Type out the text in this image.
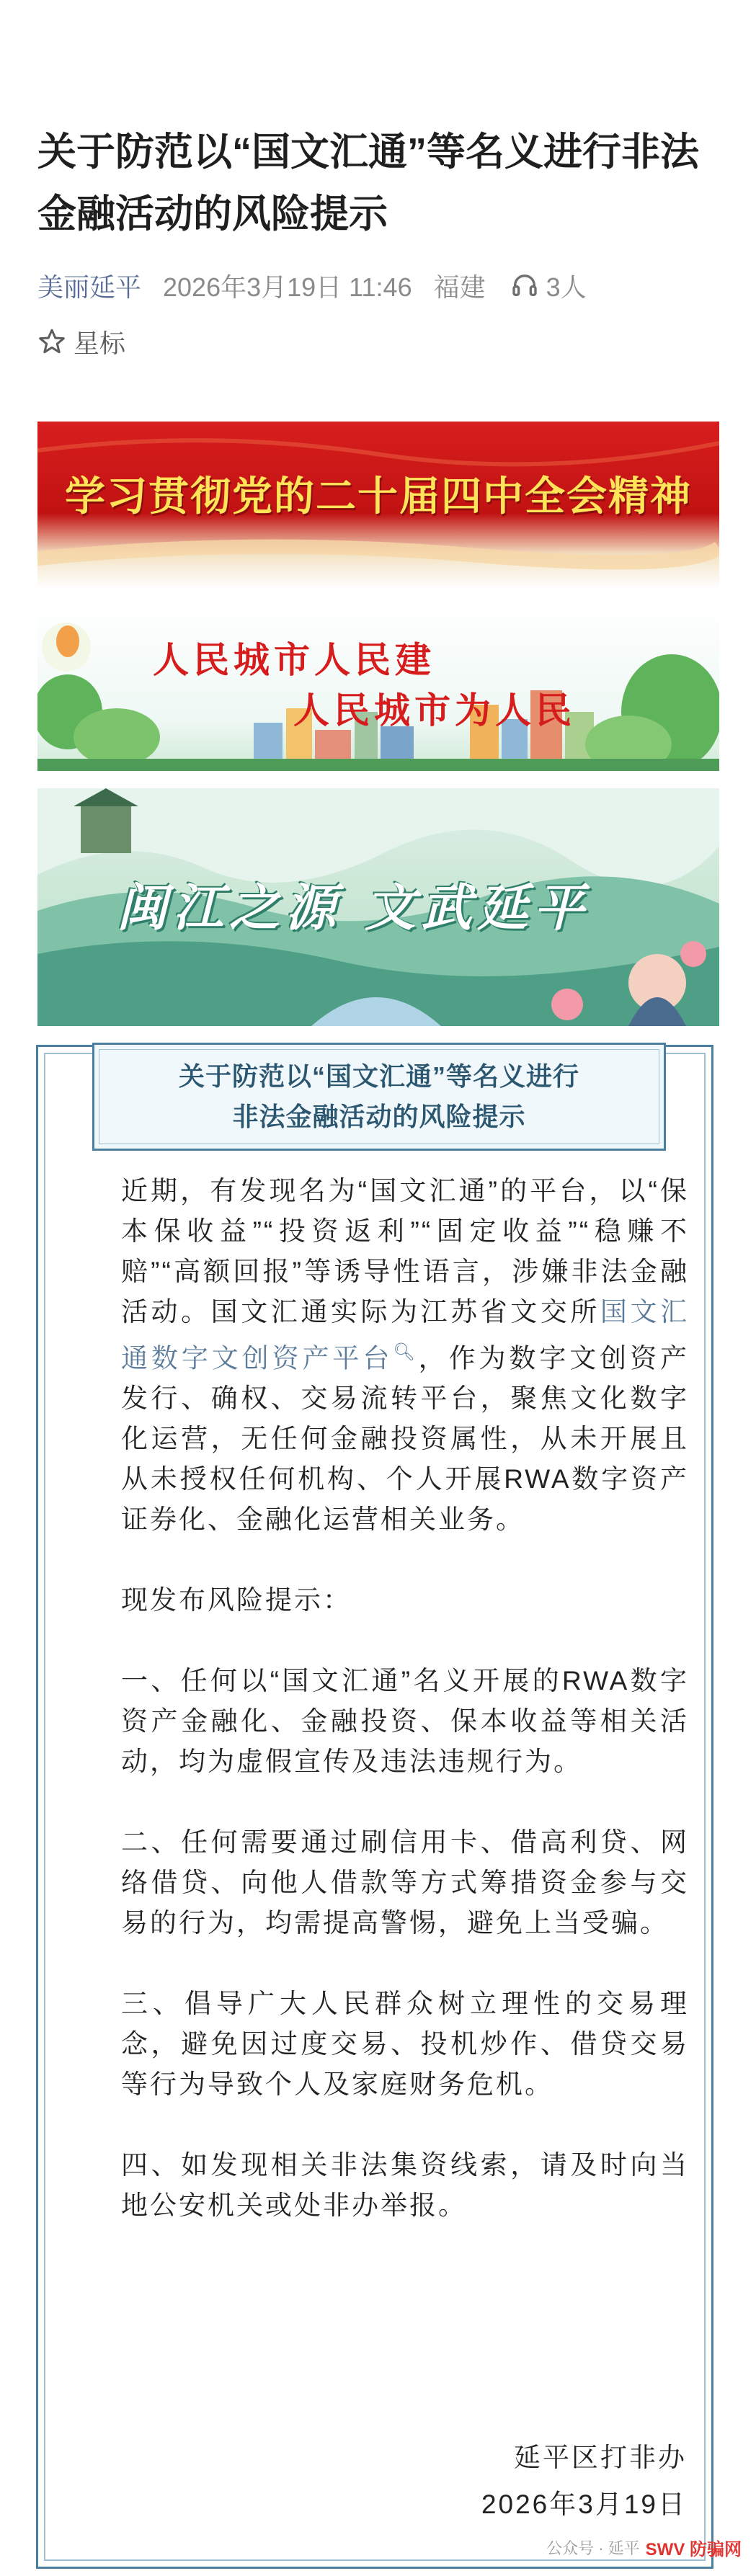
关于防范以“国文汇通”等名义进行非法金融活动的风险提示
美丽延平 2026年3月19日 11:46 福建 3人
星标
学习贯彻党的二十届四中全会精神
人民城市人民建
人民城市为人民
闽江之源 文武延平
关于防范以“国文汇通”等名义进行
非法金融活动的风险提示

近期，有发现名为“国文汇通”的平台，以“保本保收益”“投资返利”“固定收益”“稳赚不赔”“高额回报”等诱导性语言，涉嫌非法金融活动。国文汇通实际为江苏省文交所国文汇通数字文创资产平台🔍︎，作为数字文创资产发行、确权、交易流转平台，聚焦文化数字化运营，无任何金融投资属性，从未开展且从未授权任何机构、个人开展RWA数字资产证券化、金融化运营相关业务。

现发布风险提示：

一、任何以“国文汇通”名义开展的RWA数字资产金融化、金融投资、保本收益等相关活动，均为虚假宣传及违法违规行为。

二、任何需要通过刷信用卡、借高利贷、网络借贷、向他人借款等方式筹措资金参与交易的行为，均需提高警惕，避免上当受骗。

三、倡导广大人民群众树立理性的交易理念，避免因过度交易、投机炒作、借贷交易等行为导致个人及家庭财务危机。

四、如发现相关非法集资线索，请及时向当地公安机关或处非办举报。

延平区打非办
2026年3月19日
公众号 · 延平 SWV 防骗网
